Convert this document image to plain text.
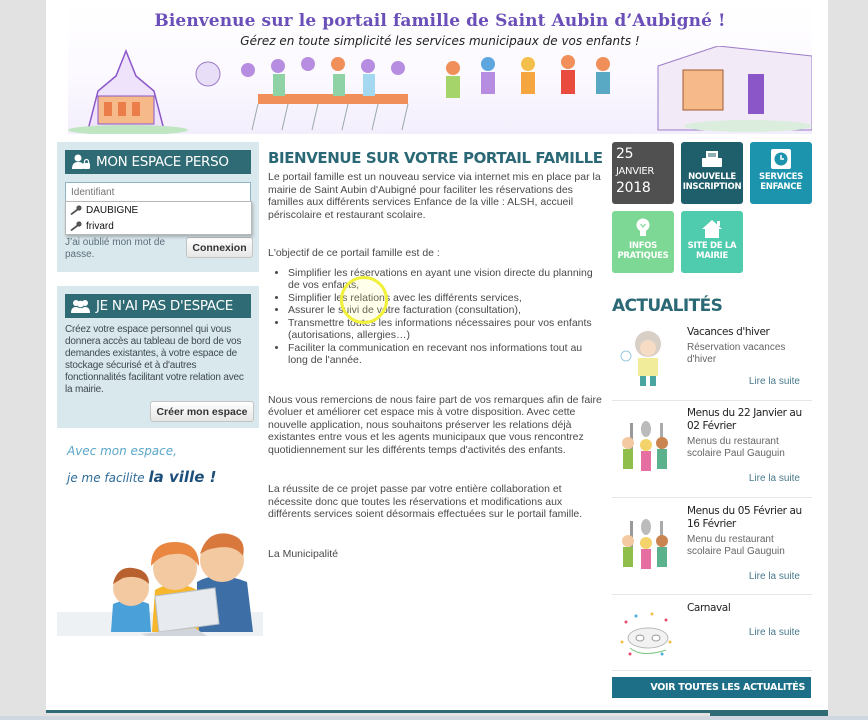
Bienvenue sur le portail famille de Saint Aubin d’Aubigné !
Gérez en toute simplicité les services municipaux de vos enfants !
MON ESPACE PERSO
Identifiant
DAUBIGNE
frivard
J’ai oublié mon mot de passe.
Connexion
JE N'AI PAS D'ESPACE

Créez votre espace personnel qui vous donnera accès au tableau de bord de vos demandes existantes, à votre espace de stockage sécurisé et à d'autres fonctionnalités facilitant votre relation avec la mairie.

Créer mon espace
Avec mon espace,
je me facilite la ville !
BIENVENUE SUR VOTRE PORTAIL FAMILLE

Le portail famille est un nouveau service via internet mis en place par la mairie de Saint Aubin d'Aubigné pour faciliter les réservations des familles aux différents services Enfance de la ville : ALSH, accueil périscolaire et restaurant scolaire.

L'objectif de ce portail famille est de :

• Simplifier les réservations en ayant une vision directe du planning de vos enfants,
• Simplifier les relations avec les différents services,
• Assurer le suivi de votre facturation (consultation),
• Transmettre toutes les informations nécessaires pour vos enfants (autorisations, allergies…)
• Faciliter la communication en recevant nos informations tout au long de l'année.

Nous vous remercions de nous faire part de vos remarques afin de faire évoluer et améliorer cet espace mis à votre disposition. Avec cette nouvelle application, nous souhaitons préserver les relations déjà existantes entre vous et les agents municipaux que vous rencontrez quotidiennement sur les différents temps d'activités des enfants.

La réussite de ce projet passe par votre entière collaboration et nécessite donc que toutes les réservations et modifications aux différents services soient désormais effectuées sur le portail famille.

La Municipalité

25
JANVIER
2018
NOUVELLE
INSCRIPTION
SERVICES
ENFANCE
INFOS
PRATIQUES
SITE DE LA
MAIRIE
ACTUALITÉS
Vacances d'hiver
Réservation vacances d'hiver
Lire la suite
Menus du 22 Janvier au 02 Février
Menus du restaurant scolaire Paul Gauguin
Lire la suite
Menus du 05 Février au 16 Février
Menu du restaurant scolaire Paul Gauguin
Lire la suite
Carnaval
Lire la suite
VOIR TOUTES LES ACTUALITÉS
